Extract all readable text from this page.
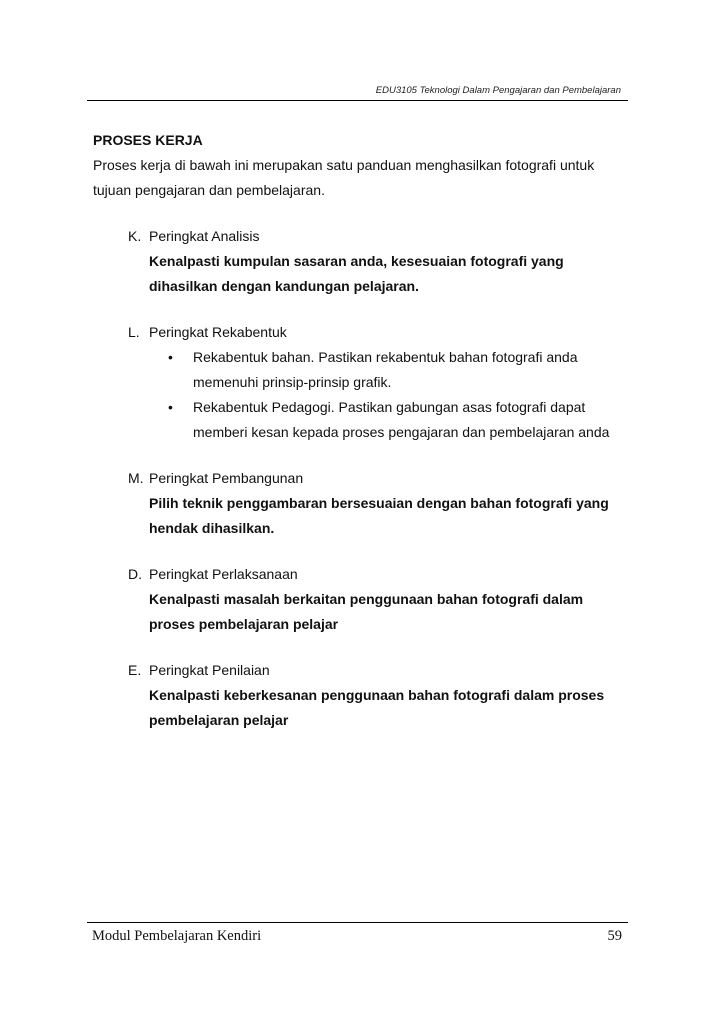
EDU3105 Teknologi Dalam Pengajaran dan Pembelajaran

PROSES KERJA

Proses kerja di bawah ini merupakan satu panduan menghasilkan fotografi untuk
tujuan pengajaran dan pembelajaran.

K. Peringkat Analisis
Kenalpasti kumpulan sasaran anda, kesesuaian fotografi yang
dihasilkan dengan kandungan pelajaran.
L. Peringkat Rekabentuk
• Rekabentuk bahan. Pastikan rekabentuk bahan fotografi anda
memenuhi prinsip-prinsip grafik.
• Rekabentuk Pedagogi. Pastikan gabungan asas fotografi dapat
memberi kesan kepada proses pengajaran dan pembelajaran anda
M. Peringkat Pembangunan
Pilih teknik penggambaran bersesuaian dengan bahan fotografi yang
hendak dihasilkan.
D. Peringkat Perlaksanaan
Kenalpasti masalah berkaitan penggunaan bahan fotografi dalam
proses pembelajaran pelajar
E. Peringkat Penilaian
Kenalpasti keberkesanan penggunaan bahan fotografi dalam proses
pembelajaran pelajar
Modul Pembelajaran Kendiri	59
